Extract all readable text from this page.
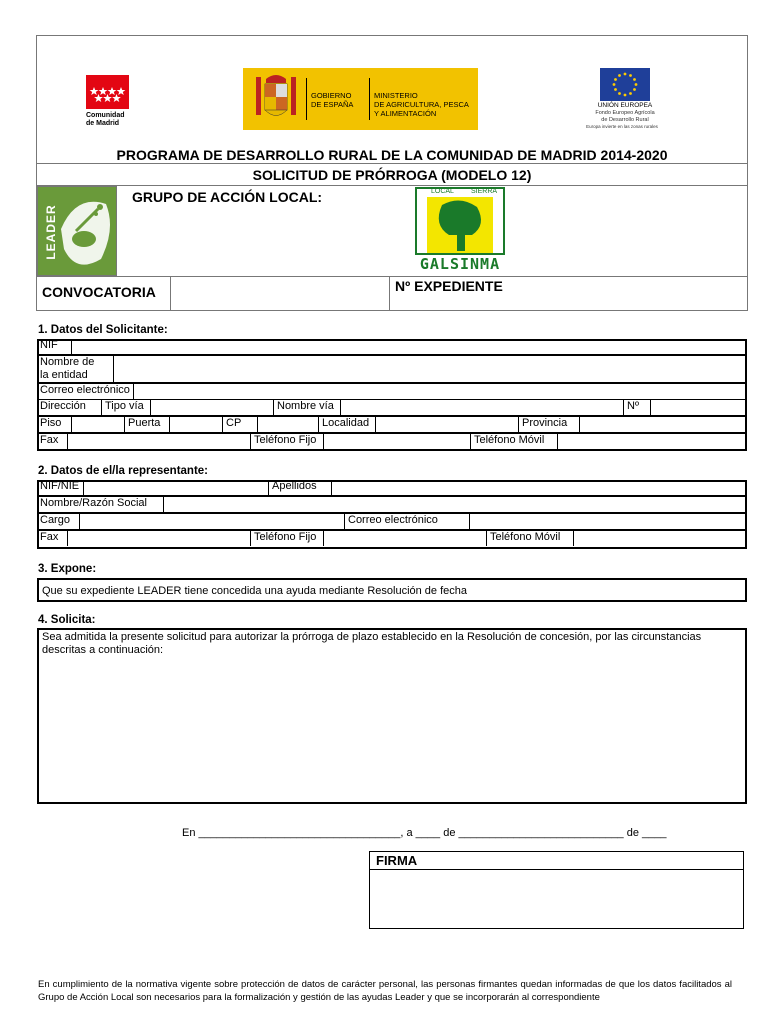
Comunidad
de Madrid
GOBIERNO
DE ESPAÑA
MINISTERIO
DE AGRICULTURA, PESCA
Y ALIMENTACIÓN
UNIÓN EUROPEA
Fondo Europeo Agrícola
de Desarrollo Rural
Europa invierte en las zonas rurales
PROGRAMA DE DESARROLLO RURAL DE LA COMUNIDAD DE MADRID 2014-2020
SOLICITUD DE PRÓRROGA (MODELO 12)
LEADER
GRUPO DE ACCIÓN LOCAL:	LOCAL SIERRA
GALSINMA
CONVOCATORIA	Nº EXPEDIENTE
1. Datos del Solicitante:
NIF	
Nombre de
la entidad

Correo electrónico	
Dirección	Tipo vía		Nombre vía		Nº	
Piso		Puerta		CP		Localidad		Provincia	
Fax		Teléfono Fijo		Teléfono Móvil	
2. Datos de el/la representante:
NIF/NIE		Apellidos	
Nombre/Razón Social	
Cargo		Correo electrónico	
Fax		Teléfono Fijo		Teléfono Móvil	
3. Expone:
Que su expediente LEADER tiene concedida una ayuda mediante Resolución de fecha
4. Solicita:
Sea admitida la presente solicitud para autorizar la prórroga de plazo establecido en la Resolución de concesión, por las circunstancias descritas a continuación:
En _________________________________, a ____ de ___________________________ de ____
FIRMA
En cumplimiento de la normativa vigente sobre protección de datos de carácter personal, las personas firmantes quedan informadas de que los datos facilitados al Grupo de Acción Local son necesarios para la formalización y gestión de las ayudas Leader y que se incorporarán al correspondiente
